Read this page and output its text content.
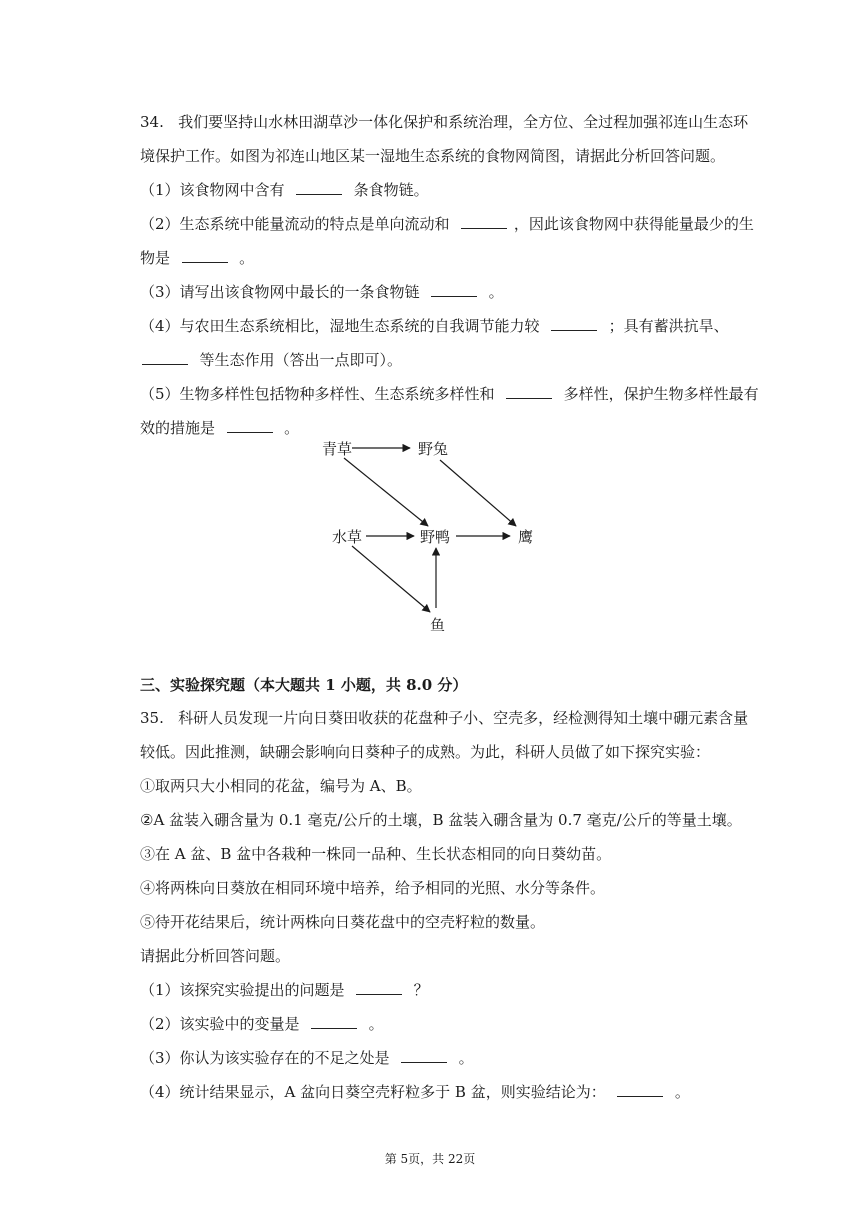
34. 我们要坚持山水林田湖草沙一体化保护和系统治理，全方位、全过程加强祁连山生态环
境保护工作。如图为祁连山地区某一湿地生态系统的食物网简图，请据此分析回答问题。
（1）该食物网中含有	条食物链。
（2）生态系统中能量流动的特点是单向流动和	，因此该食物网中获得能量最少的生
物是	。
（3）请写出该食物网中最长的一条食物链	。
（4）与农田生态系统相比，湿地生态系统的自我调节能力较	；具有蓄洪抗旱、
等生态作用（答出一点即可）。
（5）生物多样性包括物种多样性、生态系统多样性和	多样性，保护生物多样性最有
效的措施是	。
青草	野兔
水草	野鸭	鹰
鱼
三、实验探究题（本大题共 1 小题，共 8.0 分）
35. 科研人员发现一片向日葵田收获的花盘种子小、空壳多，经检测得知土壤中硼元素含量
较低。因此推测，缺硼会影响向日葵种子的成熟。为此，科研人员做了如下探究实验：
①取两只大小相同的花盆，编号为 A、B。
②A 盆装入硼含量为 0.1 毫克/公斤的土壤，B 盆装入硼含量为 0.7 毫克/公斤的等量土壤。
③在 A 盆、B 盆中各栽种一株同一品种、生长状态相同的向日葵幼苗。
④将两株向日葵放在相同环境中培养，给予相同的光照、水分等条件。
⑤待开花结果后，统计两株向日葵花盘中的空壳籽粒的数量。
请据此分析回答问题。
（1）该探究实验提出的问题是	？
（2）该实验中的变量是	。
（3）你认为该实验存在的不足之处是	。
（4）统计结果显示，A 盆向日葵空壳籽粒多于 B 盆，则实验结论为：	。
第 5页，共 22页
